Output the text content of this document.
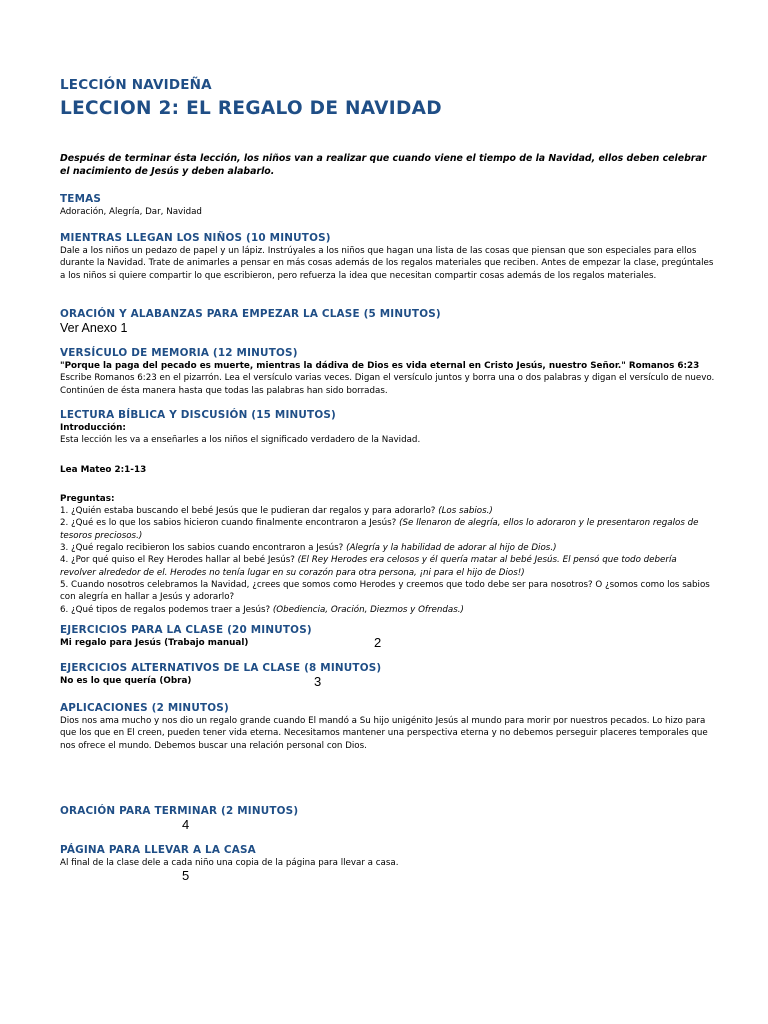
LECCIÓN NAVIDEÑA
LECCION 2: EL REGALO DE NAVIDAD
Después de terminar ésta lección, los niños van a realizar que cuando viene el tiempo de la Navidad, ellos deben celebrar el nacimiento de Jesús y deben alabarlo.
TEMAS
Adoración, Alegría, Dar, Navidad
MIENTRAS LLEGAN LOS NIÑOS (10 MINUTOS)
Dale a los niños un pedazo de papel y un lápiz. Instrúyales a los niños que hagan una lista de las cosas que piensan que son especiales para ellos durante la Navidad. Trate de animarles a pensar en más cosas además de los regalos materiales que reciben. Antes de empezar la clase, pregúntales a los niños si quiere compartir lo que escribieron, pero refuerza la idea que necesitan compartir cosas además de los regalos materiales.
ORACIÓN Y ALABANZAS PARA EMPEZAR LA CLASE (5 MINUTOS)
Ver Anexo 1
VERSÍCULO DE MEMORIA (12 MINUTOS)
"Porque la paga del pecado es muerte, mientras la dádiva de Dios es vida eternal en Cristo Jesús, nuestro Señor." Romanos 6:23
Escribe Romanos 6:23 en el pizarrón. Lea el versículo varias veces. Digan el versículo juntos y borra una o dos palabras y digan el versículo de nuevo. Continúen de ésta manera hasta que todas las palabras han sido borradas.
LECTURA BÍBLICA Y DISCUSIÓN (15 MINUTOS)
Introducción:
Esta lección les va a enseñarles a los niños el significado verdadero de la Navidad.
Lea Mateo 2:1-13
Preguntas:
1. ¿Quién estaba buscando el bebé Jesús que le pudieran dar regalos y para adorarlo? (Los sabios.)
2. ¿Qué es lo que los sabios hicieron cuando finalmente encontraron a Jesús? (Se llenaron de alegría, ellos lo adoraron y le presentaron regalos de tesoros preciosos.)
3. ¿Qué regalo recibieron los sabios cuando encontraron a Jesús? (Alegría y la habilidad de adorar al hijo de Dios.)
4. ¿Por qué quiso el Rey Herodes hallar al bebé Jesús? (El Rey Herodes era celosos y él quería matar al bebé Jesús. El pensó que todo debería revolver alrededor de el. Herodes no tenía lugar en su corazón para otra persona, ¡ni para el hijo de Dios!)
5. Cuando nosotros celebramos la Navidad, ¿crees que somos como Herodes y creemos que todo debe ser para nosotros? O ¿somos como los sabios con alegría en hallar a Jesús y adorarlo?
6. ¿Qué tipos de regalos podemos traer a Jesús? (Obediencia, Oración, Diezmos y Ofrendas.)
EJERCICIOS PARA LA CLASE (20 MINUTOS)
Mi regalo para Jesús (Trabajo manual)	2
EJERCICIOS ALTERNATIVOS DE LA CLASE (8 MINUTOS)
No es lo que quería (Obra)	3
APLICACIONES (2 MINUTOS)
Dios nos ama mucho y nos dio un regalo grande cuando El mandó a Su hijo unigénito Jesús al mundo para morir por nuestros pecados. Lo hizo para que los que en El creen, pueden tener vida eterna. Necesitamos mantener una perspectiva eterna y no debemos perseguir placeres temporales que nos ofrece el mundo. Debemos buscar una relación personal con Dios.
ORACIÓN PARA TERMINAR (2 MINUTOS)
4
PÁGINA PARA LLEVAR A LA CASA
Al final de la clase dele a cada niño una copia de la página para llevar a casa.
5
